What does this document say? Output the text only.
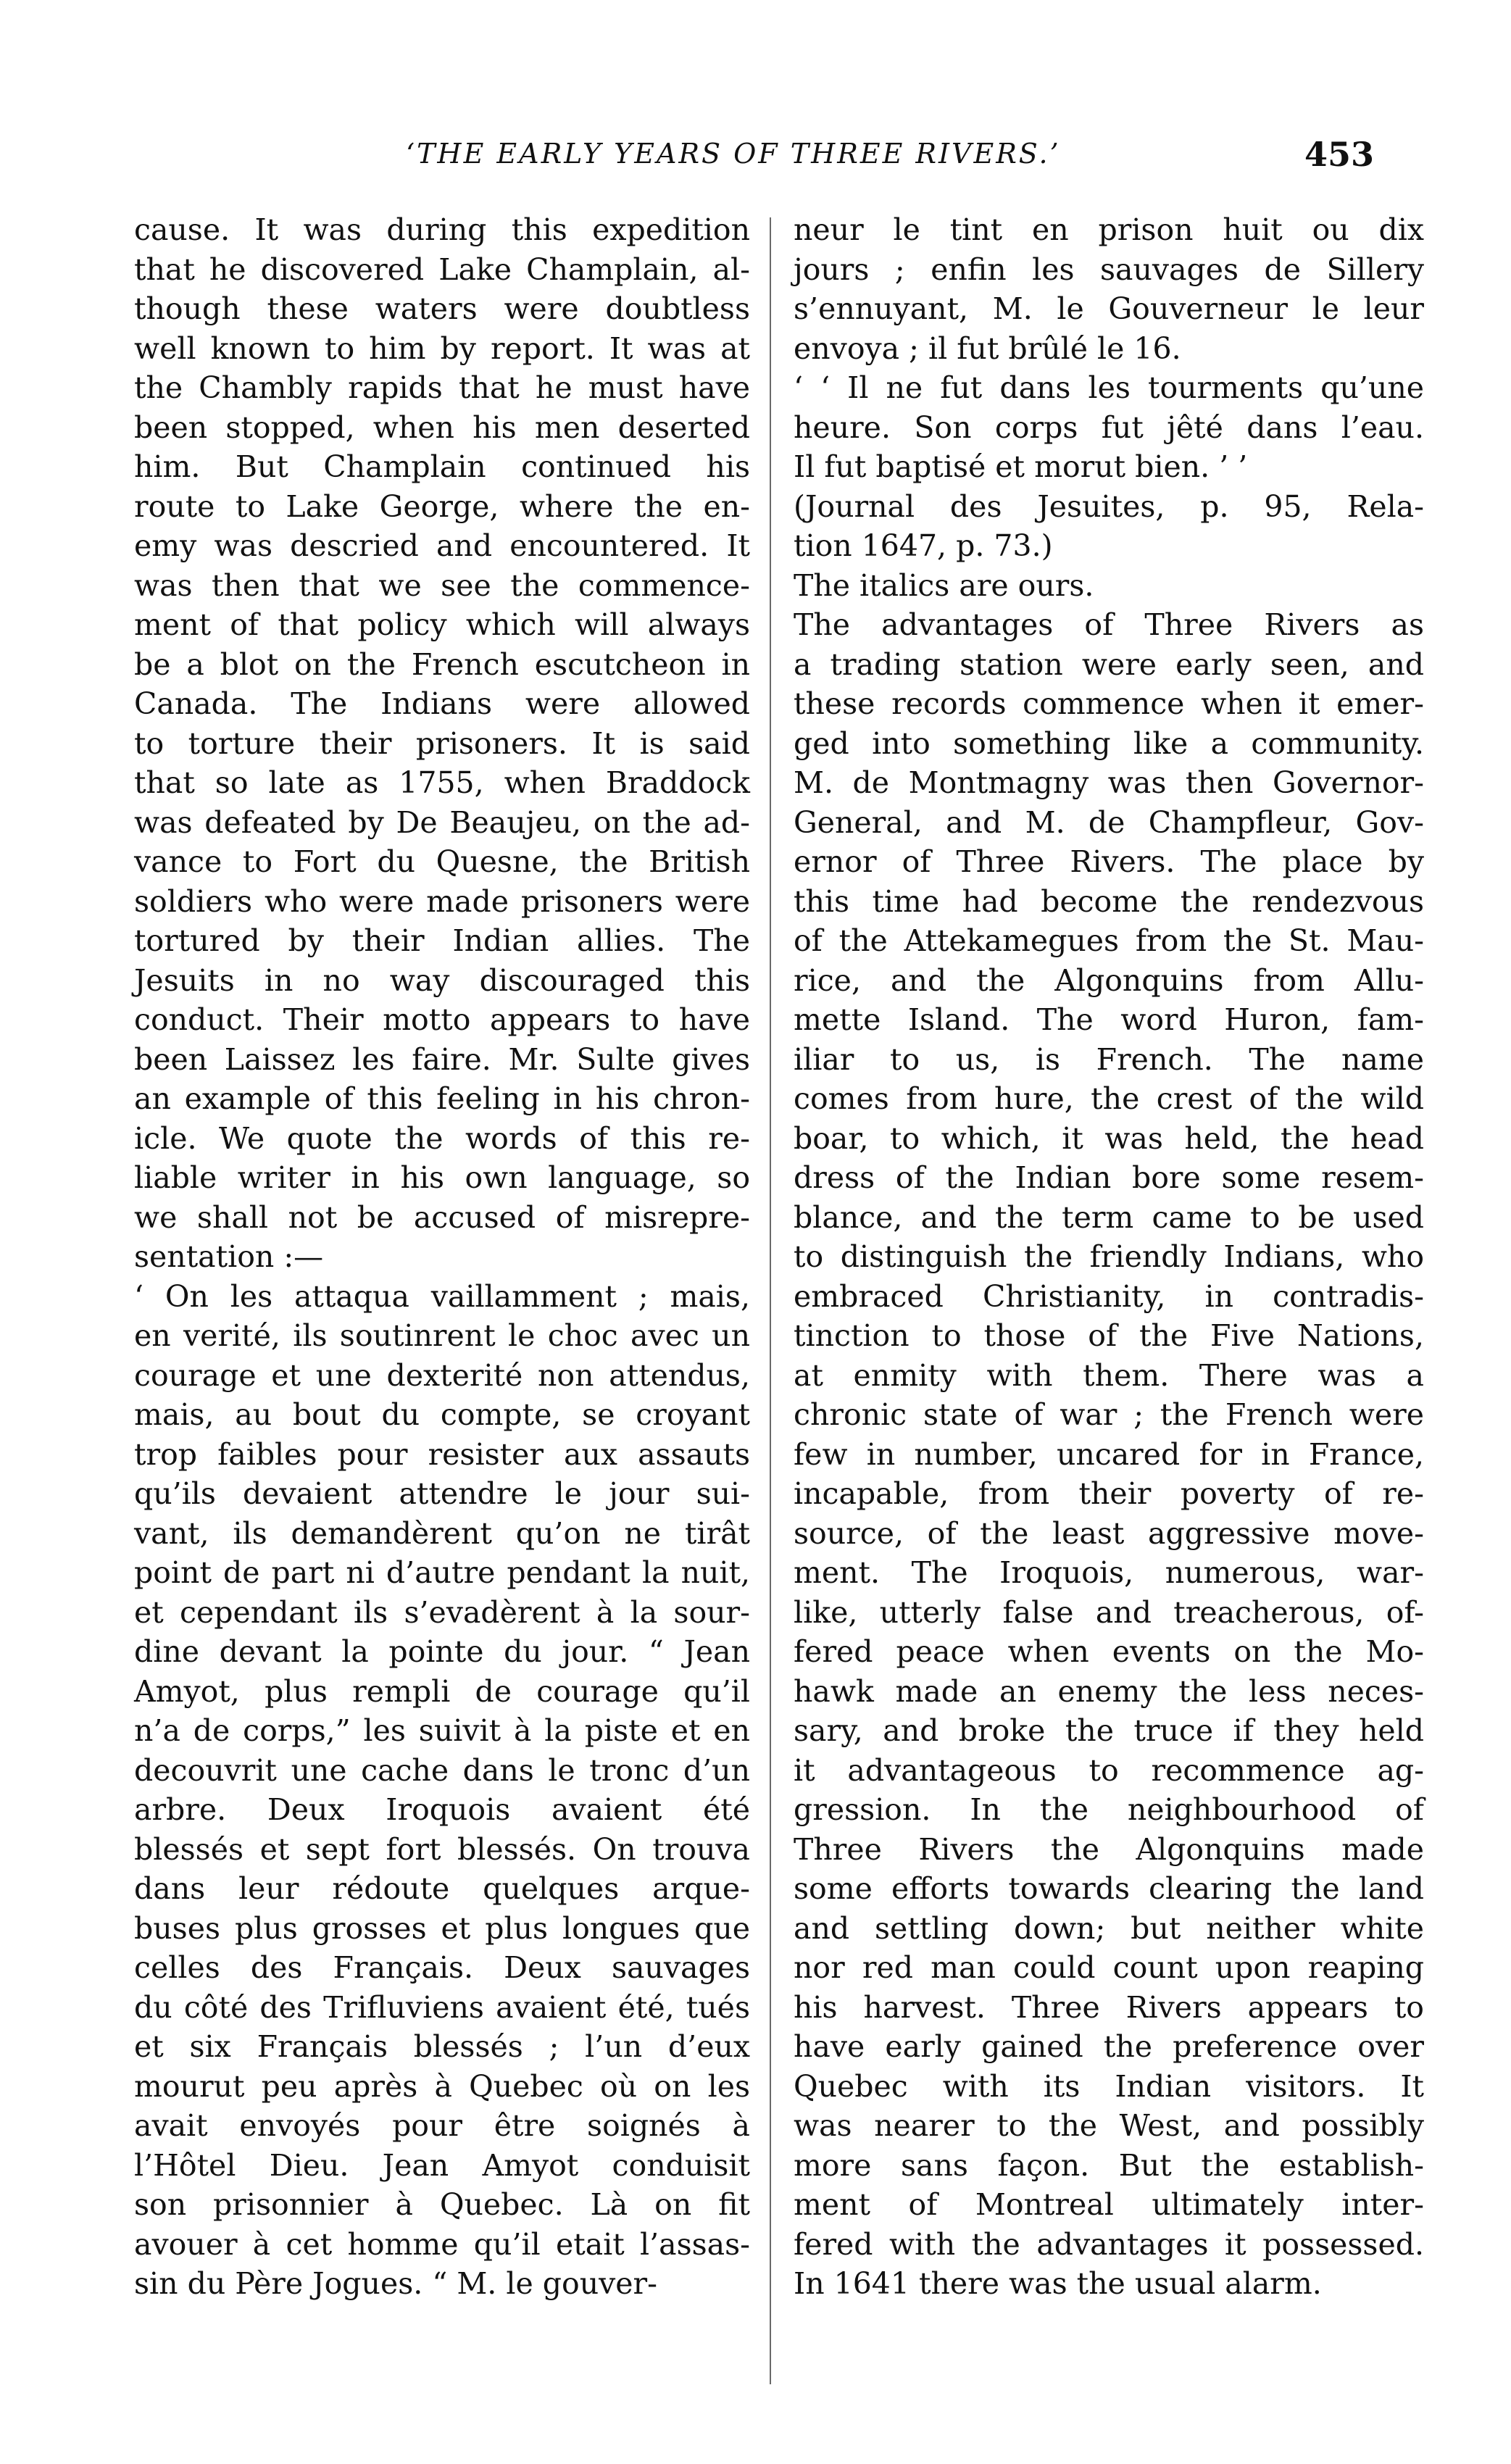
‘THE EARLY YEARS OF THREE RIVERS.’	453
cause. It was during this expedition
that he discovered Lake Champlain, al-
though these waters were doubtless
well known to him by report. It was at
the Chambly rapids that he must have
been stopped, when his men deserted
him. But Champlain continued his
route to Lake George, where the en-
emy was descried and encountered. It
was then that we see the commence-
ment of that policy which will always
be a blot on the French escutcheon in
Canada. The Indians were allowed
to torture their prisoners. It is said
that so late as 1755, when Braddock
was defeated by De Beaujeu, on the ad-
vance to Fort du Quesne, the British
soldiers who were made prisoners were
tortured by their Indian allies. The
Jesuits in no way discouraged this
conduct. Their motto appears to have
been Laissez les faire. Mr. Sulte gives
an example of this feeling in his chron-
icle. We quote the words of this re-
liable writer in his own language, so
we shall not be accused of misrepre-
sentation :—
‘ On les attaqua vaillamment ; mais,
en verité, ils soutinrent le choc avec un
courage et une dexterité non attendus,
mais, au bout du compte, se croyant
trop faibles pour resister aux assauts
qu’ils devaient attendre le jour sui-
vant, ils demandèrent qu’on ne tirât
point de part ni d’autre pendant la nuit,
et cependant ils s’evadèrent à la sour-
dine devant la pointe du jour. “ Jean
Amyot, plus rempli de courage qu’il
n’a de corps,” les suivit à la piste et en
decouvrit une cache dans le tronc d’un
arbre. Deux Iroquois avaient été
blessés et sept fort blessés. On trouva
dans leur rédoute quelques arque-
buses plus grosses et plus longues que
celles des Français. Deux sauvages
du côté des Trifluviens avaient été, tués
et six Français blessés ; l’un d’eux
mourut peu après à Quebec où on les
avait envoyés pour être soignés à
l’Hôtel Dieu. Jean Amyot conduisit
son prisonnier à Quebec. Là on fit
avouer à cet homme qu’il etait l’assas-
sin du Père Jogues. “ M. le gouver-
neur le tint en prison huit ou dix
jours ; enfin les sauvages de Sillery
s’ennuyant, M. le Gouverneur le leur
envoya ; il fut brûlé le 16.
‘ ‘ Il ne fut dans les tourments qu’une
heure. Son corps fut jêté dans l’eau.
Il fut baptisé et morut bien. ’ ’
(Journal des Jesuites, p. 95, Rela-
tion 1647, p. 73.)
The italics are ours.
The advantages of Three Rivers as
a trading station were early seen, and
these records commence when it emer-
ged into something like a community.
M. de Montmagny was then Governor-
General, and M. de Champfleur, Gov-
ernor of Three Rivers. The place by
this time had become the rendezvous
of the Attekamegues from the St. Mau-
rice, and the Algonquins from Allu-
mette Island. The word Huron, fam-
iliar to us, is French. The name
comes from hure, the crest of the wild
boar, to which, it was held, the head
dress of the Indian bore some resem-
blance, and the term came to be used
to distinguish the friendly Indians, who
embraced Christianity, in contradis-
tinction to those of the Five Nations,
at enmity with them. There was a
chronic state of war ; the French were
few in number, uncared for in France,
incapable, from their poverty of re-
source, of the least aggressive move-
ment. The Iroquois, numerous, war-
like, utterly false and treacherous, of-
fered peace when events on the Mo-
hawk made an enemy the less neces-
sary, and broke the truce if they held
it advantageous to recommence ag-
gression. In the neighbourhood of
Three Rivers the Algonquins made
some efforts towards clearing the land
and settling down; but neither white
nor red man could count upon reaping
his harvest. Three Rivers appears to
have early gained the preference over
Quebec with its Indian visitors. It
was nearer to the West, and possibly
more sans façon. But the establish-
ment of Montreal ultimately inter-
fered with the advantages it possessed.
In 1641 there was the usual alarm.
